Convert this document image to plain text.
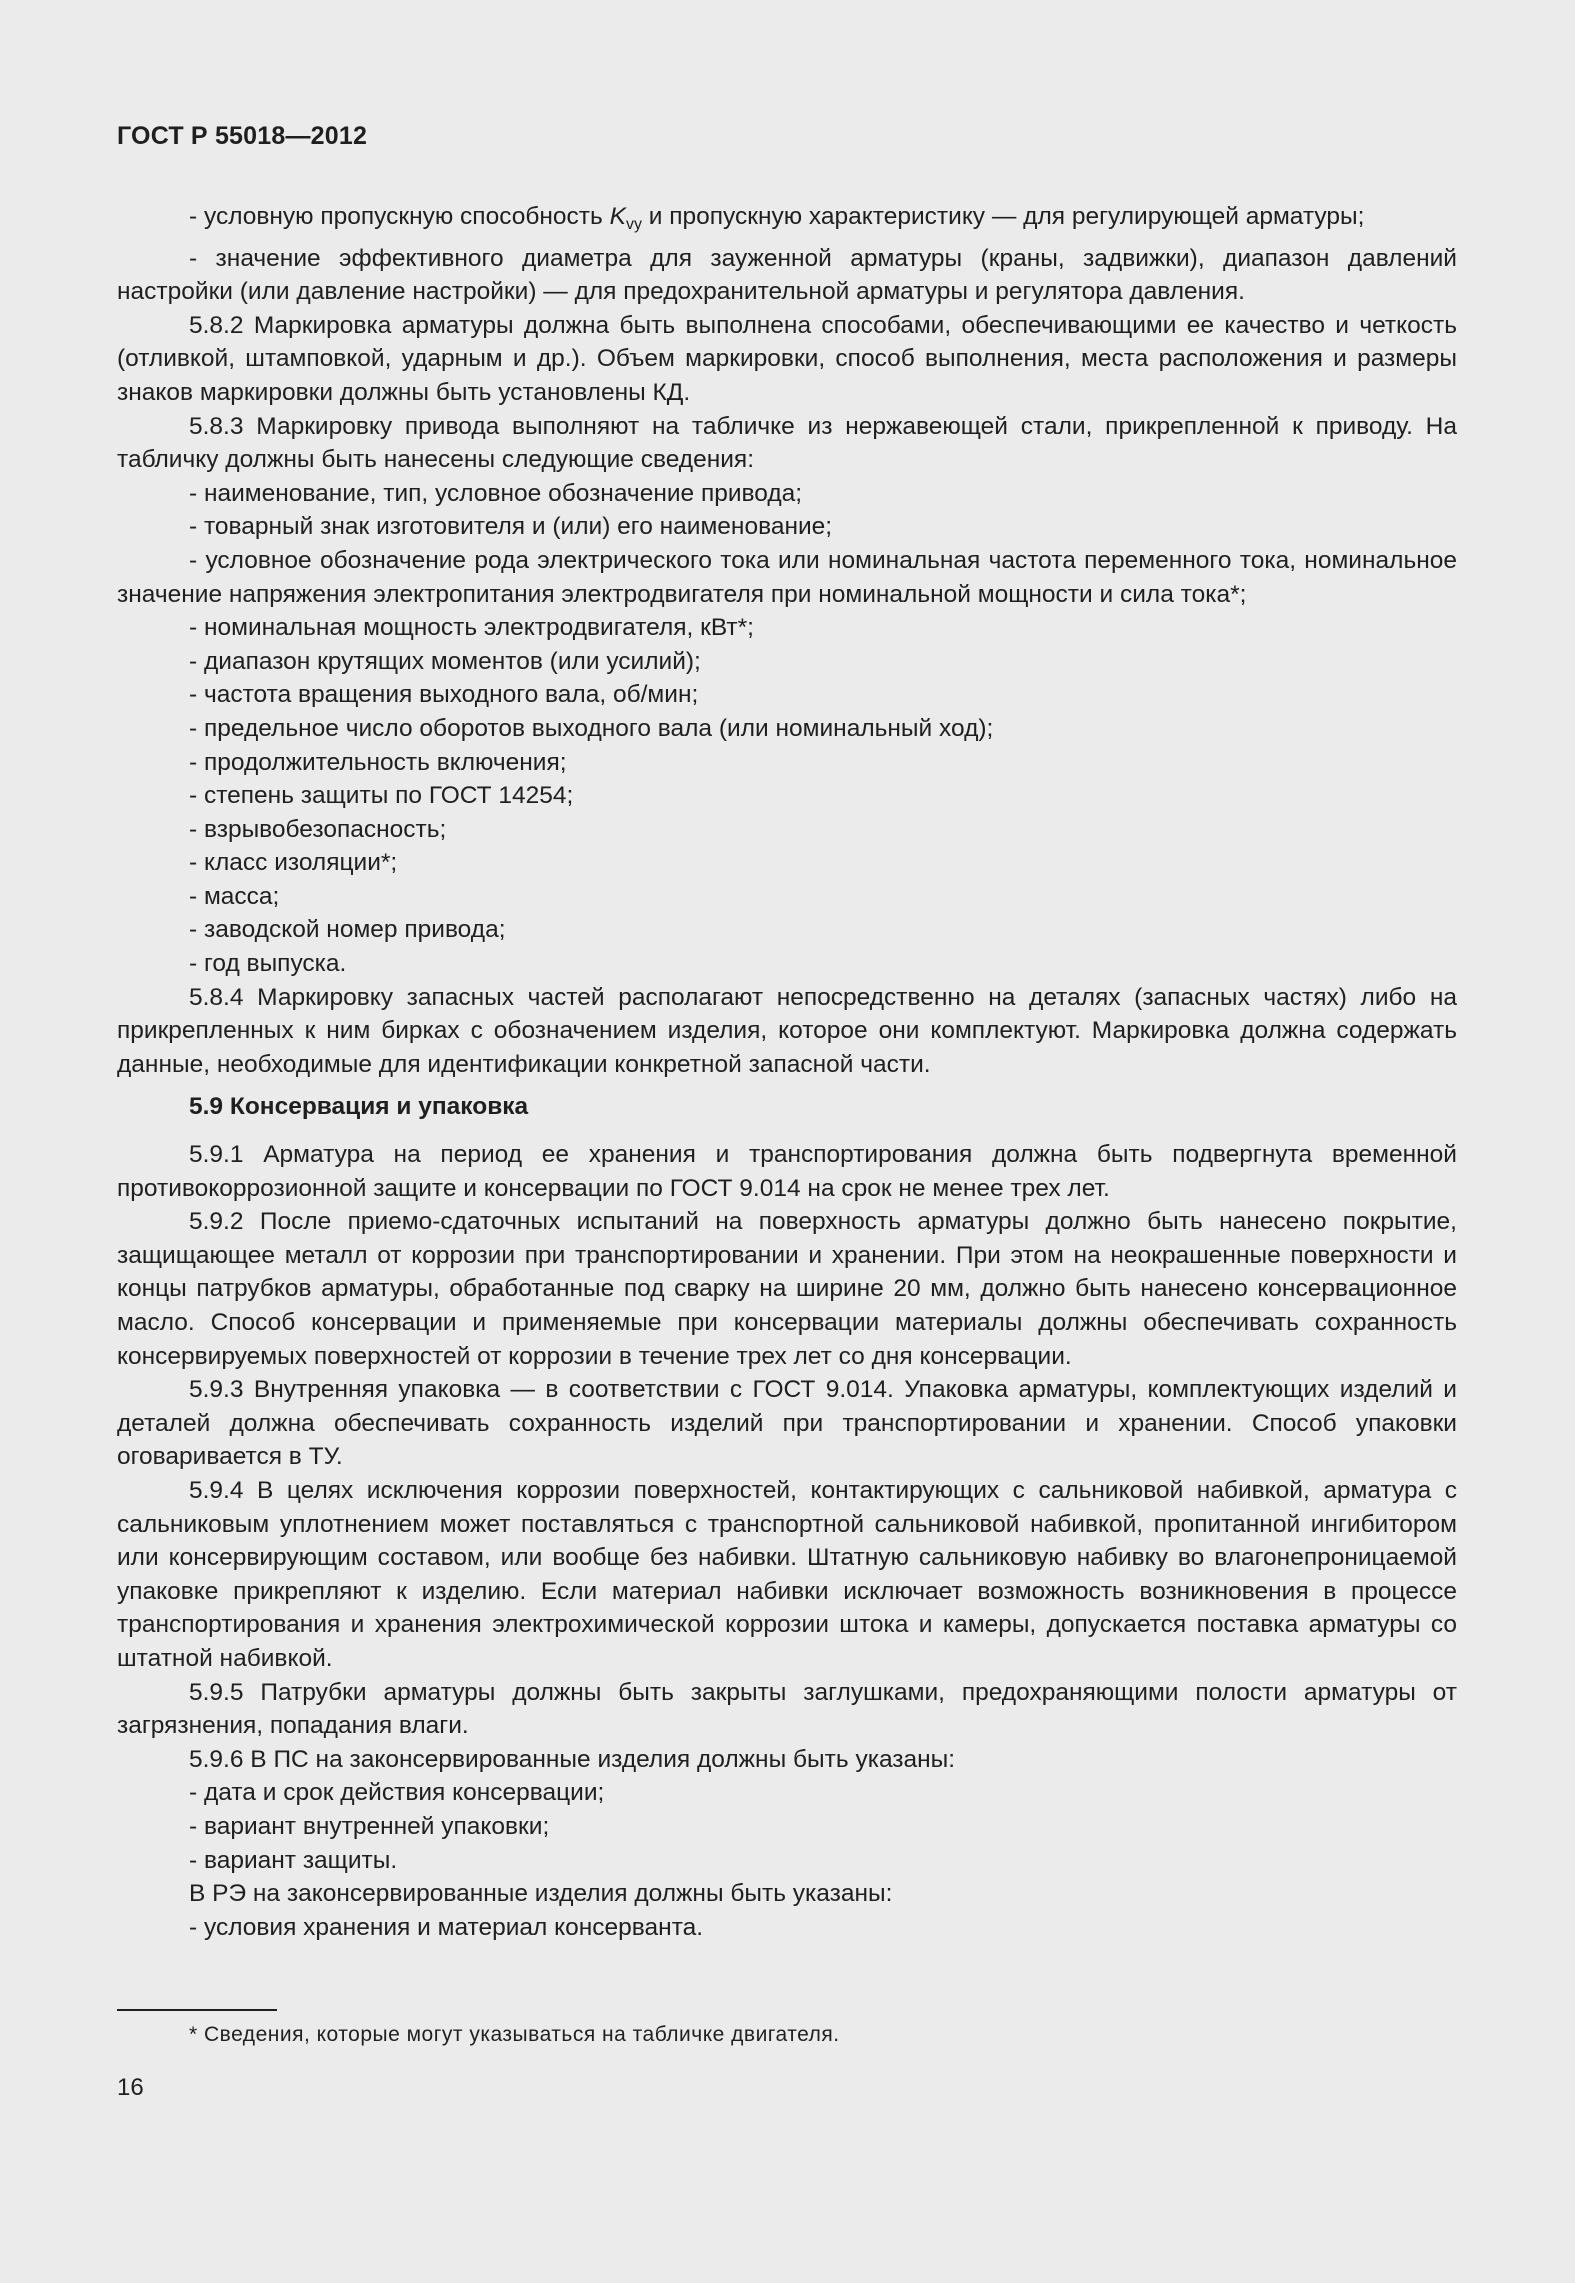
ГОСТ Р 55018—2012

- условную пропускную способность $K_{vy}$ и пропускную характеристику — для регулирующей арматуры;

- значение эффективного диаметра для зауженной арматуры (краны, задвижки), диапазон давлений настройки (или давление настройки) — для предохранительной арматуры и регулятора давления.

5.8.2 Маркировка арматуры должна быть выполнена способами, обеспечивающими ее качество и четкость (отливкой, штамповкой, ударным и др.). Объем маркировки, способ выполнения, места расположения и размеры знаков маркировки должны быть установлены КД.

5.8.3 Маркировку привода выполняют на табличке из нержавеющей стали, прикрепленной к приводу. На табличку должны быть нанесены следующие сведения:

- наименование, тип, условное обозначение привода;

- товарный знак изготовителя и (или) его наименование;

- условное обозначение рода электрического тока или номинальная частота переменного тока, номинальное значение напряжения электропитания электродвигателя при номинальной мощности и сила тока*;

- номинальная мощность электродвигателя, кВт*;

- диапазон крутящих моментов (или усилий);

- частота вращения выходного вала, об/мин;

- предельное число оборотов выходного вала (или номинальный ход);

- продолжительность включения;

- степень защиты по ГОСТ 14254;

- взрывобезопасность;

- класс изоляции*;

- масса;

- заводской номер привода;

- год выпуска.

5.8.4 Маркировку запасных частей располагают непосредственно на деталях (запасных частях) либо на прикрепленных к ним бирках с обозначением изделия, которое они комплектуют. Маркировка должна содержать данные, необходимые для идентификации конкретной запасной части.

5.9 Консервация и упаковка

5.9.1 Арматура на период ее хранения и транспортирования должна быть подвергнута временной противокоррозионной защите и консервации по ГОСТ 9.014 на срок не менее трех лет.

5.9.2 После приемо-сдаточных испытаний на поверхность арматуры должно быть нанесено покрытие, защищающее металл от коррозии при транспортировании и хранении. При этом на неокрашенные поверхности и концы патрубков арматуры, обработанные под сварку на ширине 20 мм, должно быть нанесено консервационное масло. Способ консервации и применяемые при консервации материалы должны обеспечивать сохранность консервируемых поверхностей от коррозии в течение трех лет со дня консервации.

5.9.3 Внутренняя упаковка — в соответствии с ГОСТ 9.014. Упаковка арматуры, комплектующих изделий и деталей должна обеспечивать сохранность изделий при транспортировании и хранении. Способ упаковки оговаривается в ТУ.

5.9.4 В целях исключения коррозии поверхностей, контактирующих с сальниковой набивкой, арматура с сальниковым уплотнением может поставляться с транспортной сальниковой набивкой, пропитанной ингибитором или консервирующим составом, или вообще без набивки. Штатную сальниковую набивку во влагонепроницаемой упаковке прикрепляют к изделию. Если материал набивки исключает возможность возникновения в процессе транспортирования и хранения электрохимической коррозии штока и камеры, допускается поставка арматуры со штатной набивкой.

5.9.5 Патрубки арматуры должны быть закрыты заглушками, предохраняющими полости арматуры от загрязнения, попадания влаги.

5.9.6 В ПС на законсервированные изделия должны быть указаны:

- дата и срок действия консервации;

- вариант внутренней упаковки;

- вариант защиты.

В РЭ на законсервированные изделия должны быть указаны:

- условия хранения и материал консерванта.

* Сведения, которые могут указываться на табличке двигателя.
16
